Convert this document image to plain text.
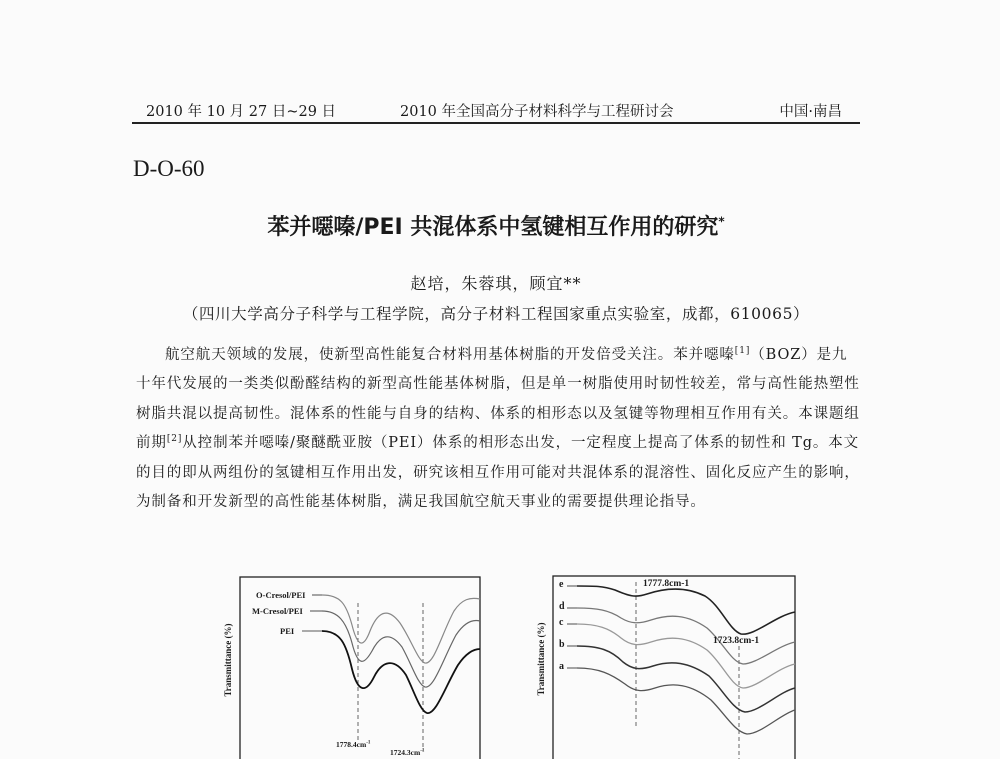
2010 年 10 月 27 日~29 日	2010 年全国高分子材料科学与工程研讨会	中国·南昌
D-O-60
苯并噁嗪/PEI 共混体系中氢键相互作用的研究*
赵培，朱蓉琪，顾宜**
（四川大学高分子科学与工程学院，高分子材料工程国家重点实验室，成都，610065）

航空航天领域的发展，使新型高性能复合材料用基体树脂的开发倍受关注。苯并噁嗪[1]（BOZ）是九十年代发展的一类类似酚醛结构的新型高性能基体树脂，但是单一树脂使用时韧性较差，常与高性能热塑性树脂共混以提高韧性。混体系的性能与自身的结构、体系的相形态以及氢键等物理相互作用有关。本课题组前期[2]从控制苯并噁嗪/聚醚酰亚胺（PEI）体系的相形态出发，一定程度上提高了体系的韧性和 Tg。本文的目的即从两组份的氢键相互作用出发，研究该相互作用可能对共混体系的混溶性、固化反应产生的影响，为制备和开发新型的高性能基体树脂，满足我国航空航天事业的需要提供理论指导。

Transmittance (%)
O-Cresol/PEI
M-Cresol/PEI
PEI
$1778.4cm^{-1}$
$1724.3cm^{-1}$
Transmittance (%)
e
d
c
b
a
1777.8cm-1
1723.8cm-1
